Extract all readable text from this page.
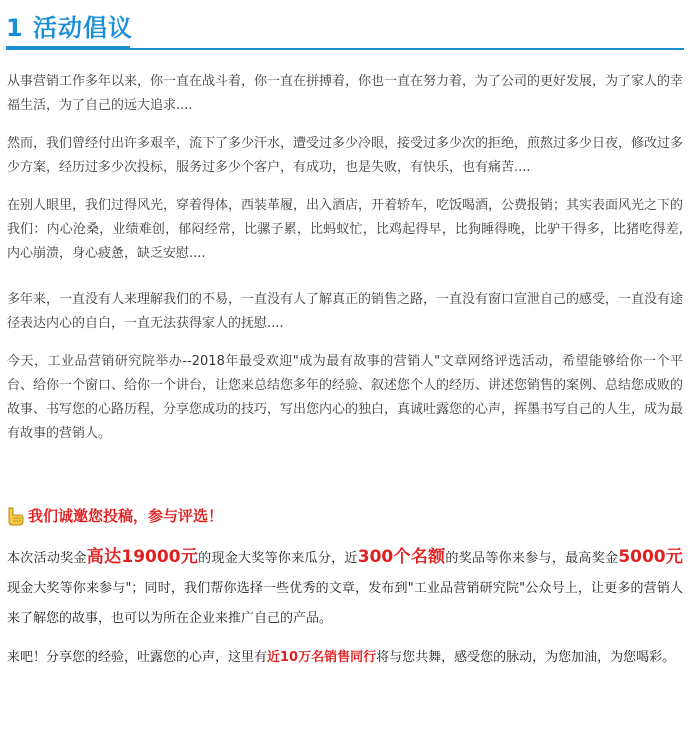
1 活动倡议

从事营销工作多年以来，你一直在战斗着，你一直在拼搏着，你也一直在努力着，为了公司的更好发展，为了家人的幸福生活，为了自己的远大追求....

然而，我们曾经付出许多艰辛，流下了多少汗水，遭受过多少冷眼，接受过多少次的拒绝，煎熬过多少日夜，修改过多少方案，经历过多少次投标，服务过多少个客户，有成功，也是失败，有快乐，也有痛苦....

在别人眼里，我们过得风光，穿着得体，西装革履，出入酒店，开着轿车，吃饭喝酒，公费报销；其实表面风光之下的我们：内心沧桑，业绩难创，郁闷经常，比骡子累，比蚂蚁忙，比鸡起得早，比狗睡得晚，比驴干得多，比猪吃得差,内心崩溃，身心疲惫，缺乏安慰....

多年来，一直没有人来理解我们的不易，一直没有人了解真正的销售之路，一直没有窗口宣泄自己的感受，一直没有途径表达内心的自白，一直无法获得家人的抚慰....

今天，工业品营销研究院举办--2018年最受欢迎"成为最有故事的营销人"文章网络评选活动，希望能够给你一个平台、给你一个窗口、给你一个讲台，让您来总结您多年的经验、叙述您个人的经历、讲述您销售的案例、总结您成败的故事、书写您的心路历程，分享您成功的技巧，写出您内心的独白，真诚吐露您的心声，挥墨书写自己的人生，成为最有故事的营销人。

我们诚邀您投稿，参与评选！

本次活动奖金高达19000元的现金大奖等你来瓜分，近300个名额的奖品等你来参与，最高奖金5000元现金大奖等你来参与"；同时，我们帮你选择一些优秀的文章，发布到"工业品营销研究院"公众号上，让更多的营销人来了解您的故事，也可以为所在企业来推广自己的产品。

来吧！分享您的经验，吐露您的心声，这里有近10万名销售同行将与您共舞，感受您的脉动，为您加油，为您喝彩。
